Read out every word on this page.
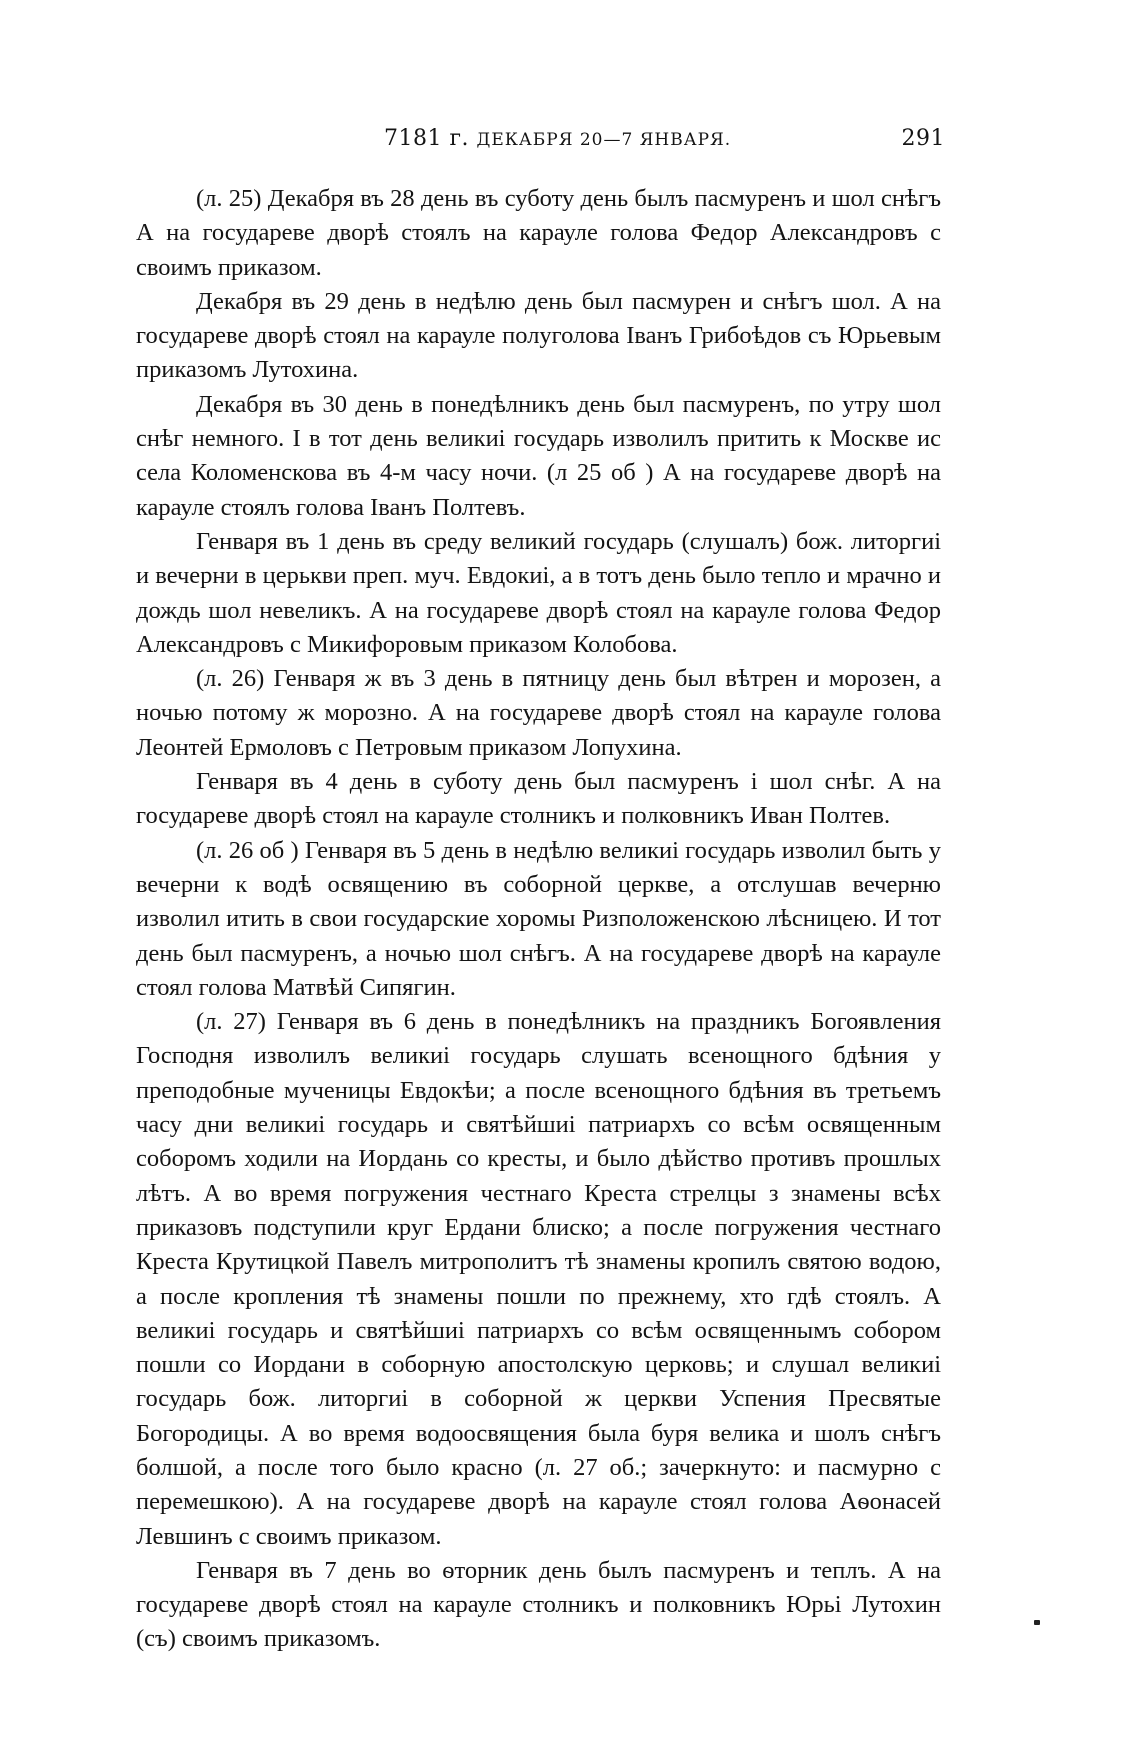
7181 г. ДЕКАБРЯ 20—7 ЯНВАРЯ.	291

(л. 25) Декабря въ 28 день въ суботу день былъ пасмуренъ и шол снѣгъ А на государеве дворѣ стоялъ на карауле голова Федор Александровъ с своимъ приказом.

Декабря въ 29 день в недѣлю день был пасмурен и снѣгъ шол. А на государеве дворѣ стоял на карауле полуголова Іванъ Грибоѣдов съ Юрьевым приказомъ Лутохина.

Декабря въ 30 день в понедѣлникъ день был пасмуренъ, по утру шол снѣг немного. І в тот день великиі государь изволилъ притить к Москве ис села Коломенскова въ 4-м часу ночи. (л 25 об ) А на государеве дворѣ на карауле стоялъ голова Іванъ Полтевъ.

Генваря въ 1 день въ среду великий государь (слушалъ) бож. литоргиі и вечерни в церькви преп. муч. Евдокиі, а в тотъ день было тепло и мрачно и дождь шол невеликъ. А на государеве дворѣ стоял на карауле голова Федор Александровъ с Микифоровым приказом Колобова.

(л. 26) Генваря ж въ 3 день в пятницу день был вѣтрен и морозен, а ночью потому ж морозно. А на государеве дворѣ стоял на карауле голова Леонтей Ермоловъ с Петровым приказом Лопухина.

Генваря въ 4 день в суботу день был пасмуренъ і шол снѣг. А на государеве дворѣ стоял на карауле столникъ и полковникъ Иван Полтев.

(л. 26 об ) Генваря въ 5 день в недѣлю великиі государь изволил быть у вечерни к водѣ освящению въ соборной церкве, а отслушав вечерню изволил итить в свои государские хоромы Ризположенскою лѣсницею. И тот день был пасмуренъ, а ночью шол снѣгъ. А на государеве дворѣ на карауле стоял голова Матвѣй Сипягин.

(л. 27) Генваря въ 6 день в понедѣлникъ на праздникъ Богоявления Господня изволилъ великиі государь слушать всенощного бдѣния у преподобные мученицы Евдокѣи; а после всенощного бдѣния въ третьемъ часу дни великиі государь и святѣйшиі патриархъ со всѣм освященным соборомъ ходили на Иордань со кресты, и было дѣйство противъ прошлых лѣтъ. А во время погружения честнаго Креста стрелцы з знамены всѣх приказовъ подступили круг Ердани блиско; а после погружения честнаго Креста Крутицкой Павелъ митрополитъ тѣ знамены кропилъ святою водою, а после кропления тѣ знамены пошли по прежнему, хто гдѣ стоялъ. А великиі государь и святѣйшиі патриархъ со всѣм освященнымъ собором пошли со Иордани в соборную апостолскую церковь; и слушал великиі государь бож. литоргиі в соборной ж церкви Успения Пресвятые Богородицы. А во время водоосвящения была буря велика и шолъ снѣгъ болшой, а после того было красно (л. 27 об.; зачеркнуто: и пасмурно с перемешкою). А на государеве дворѣ на карауле стоял голова Аѳонасей Левшинъ с своимъ приказом.

Генваря въ 7 день во ѳторник день былъ пасмуренъ и теплъ. А на государеве дворѣ стоял на карауле столникъ и полковникъ Юрьі Лутохин (съ) своимъ приказомъ.
